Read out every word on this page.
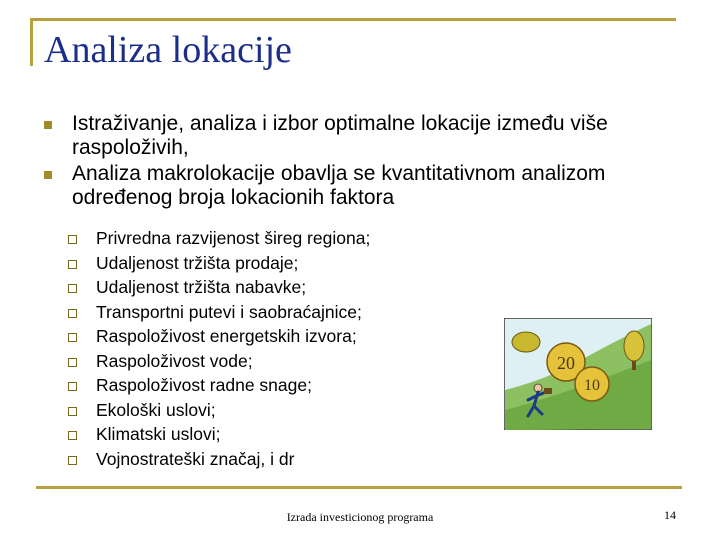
Analiza lokacije
Istraživanje, analiza i izbor optimalne lokacije između više raspoloživih,
Analiza makrolokacije obavlja se kvantitativnom analizom određenog broja lokacionih faktora
Privredna razvijenost šireg regiona;
Udaljenost tržišta prodaje;
Udaljenost tržišta nabavke;
Transportni putevi i saobraćajnice;
Raspoloživost energetskih izvora;
Raspoloživost vode;
Raspoloživost radne snage;
Ekološki uslovi;
Klimatski uslovi;
Vojnostrateški značaj, i dr
20
10
Izrada investicionog programa	14
